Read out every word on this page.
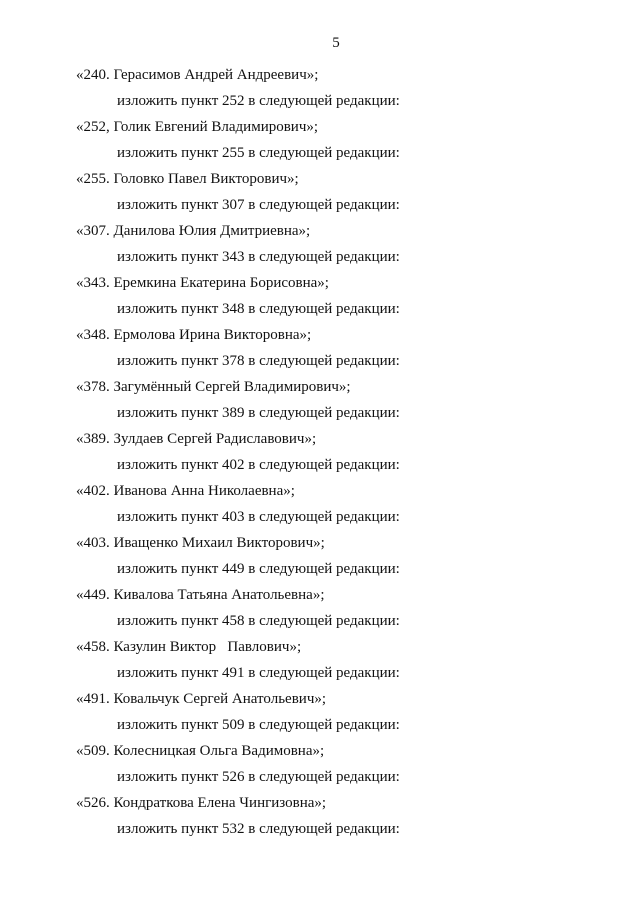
5
«240. Герасимов Андрей Андреевич»;
изложить пункт 252 в следующей редакции:
«252, Голик Евгений Владимирович»;
изложить пункт 255 в следующей редакции:
«255. Головко Павел Викторович»;
изложить пункт 307 в следующей редакции:
«307. Данилова Юлия Дмитриевна»;
изложить пункт 343 в следующей редакции:
«343. Еремкина Екатерина Борисовна»;
изложить пункт 348 в следующей редакции:
«348. Ермолова Ирина Викторовна»;
изложить пункт 378 в следующей редакции:
«378. Загумённый Сергей Владимирович»;
изложить пункт 389 в следующей редакции:
«389. Зулдаев Сергей Радиславович»;
изложить пункт 402 в следующей редакции:
«402. Иванова Анна Николаевна»;
изложить пункт 403 в следующей редакции:
«403. Иващенко Михаил Викторович»;
изложить пункт 449 в следующей редакции:
«449. Кивалова Татьяна Анатольевна»;
изложить пункт 458 в следующей редакции:
«458. Казулин Виктор   Павлович»;
изложить пункт 491 в следующей редакции:
«491. Ковальчук Сергей Анатольевич»;
изложить пункт 509 в следующей редакции:
«509. Колесницкая Ольга Вадимовна»;
изложить пункт 526 в следующей редакции:
«526. Кондраткова Елена Чингизовна»;
изложить пункт 532 в следующей редакции:
